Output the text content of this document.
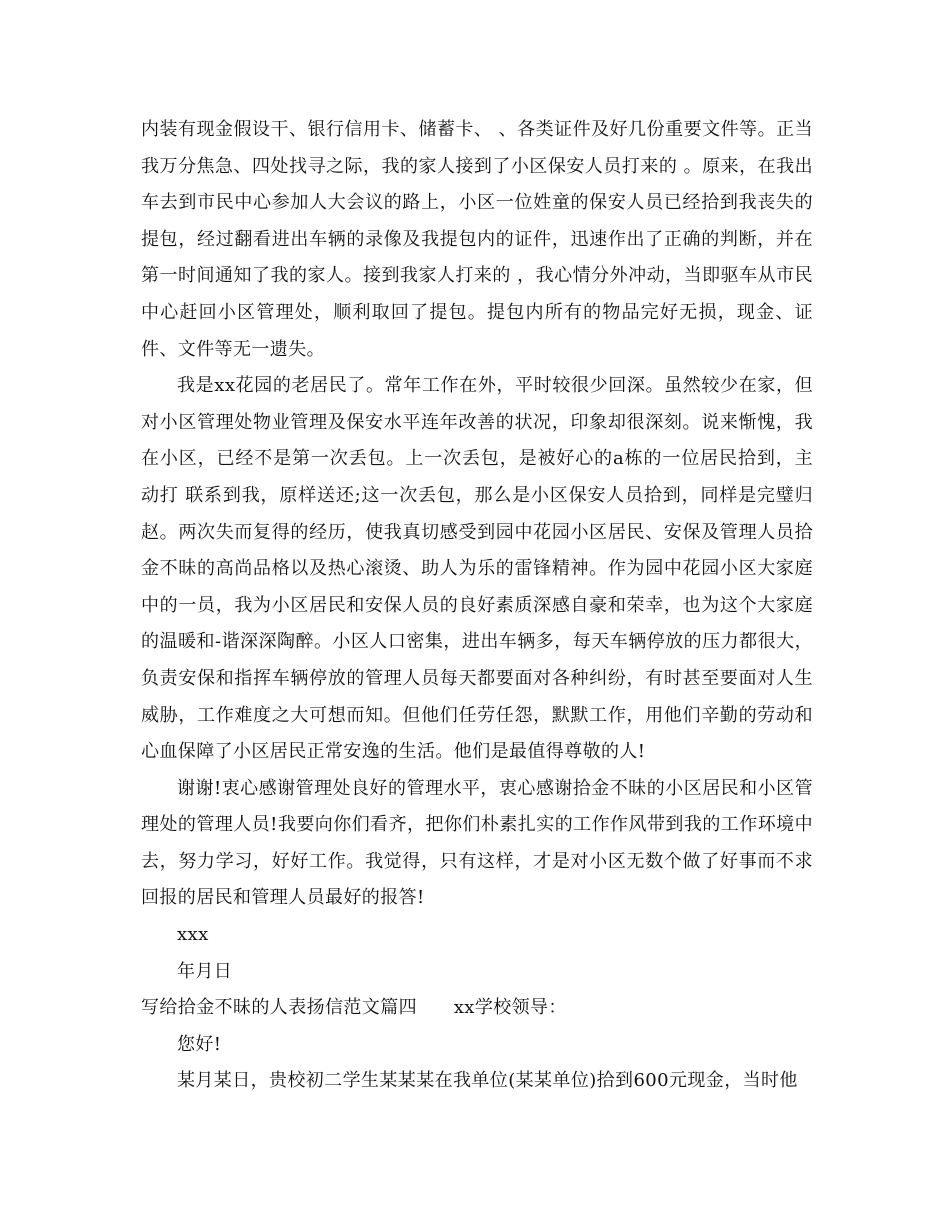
内装有现金假设干、银行信用卡、储蓄卡、 、各类证件及好几份重要文件等。正当我万分焦急、四处找寻之际，我的家人接到了小区保安人员打来的 。原来，在我出车去到市民中心参加人大会议的路上，小区一位姓童的保安人员已经拾到我丧失的提包，经过翻看进出车辆的录像及我提包内的证件，迅速作出了正确的判断，并在第一时间通知了我的家人。接到我家人打来的 ，我心情分外冲动，当即驱车从市民中心赶回小区管理处，顺利取回了提包。提包内所有的物品完好无损，现金、证件、文件等无一遗失。

我是xx花园的老居民了。常年工作在外，平时较很少回深。虽然较少在家，但对小区管理处物业管理及保安水平连年改善的状况，印象却很深刻。说来惭愧，我在小区，已经不是第一次丢包。上一次丢包，是被好心的a栋的一位居民拾到，主动打 联系到我，原样送还;这一次丢包，那么是小区保安人员拾到，同样是完璧归赵。两次失而复得的经历，使我真切感受到园中花园小区居民、安保及管理人员拾金不昧的高尚品格以及热心滚烫、助人为乐的雷锋精神。作为园中花园小区大家庭中的一员，我为小区居民和安保人员的良好素质深感自豪和荣幸，也为这个大家庭的温暖和-谐深深陶醉。小区人口密集，进出车辆多，每天车辆停放的压力都很大，负责安保和指挥车辆停放的管理人员每天都要面对各种纠纷，有时甚至要面对人生威胁，工作难度之大可想而知。但他们任劳任怨，默默工作，用他们辛勤的劳动和心血保障了小区居民正常安逸的生活。他们是最值得尊敬的人!

谢谢!衷心感谢管理处良好的管理水平，衷心感谢拾金不昧的小区居民和小区管理处的管理人员!我要向你们看齐，把你们朴素扎实的工作作风带到我的工作环境中去，努力学习，好好工作。我觉得，只有这样，才是对小区无数个做了好事而不求回报的居民和管理人员最好的报答!

xxx

年月日

写给拾金不昧的人表扬信范文篇四      xx学校领导：

您好!

某月某日，贵校初二学生某某某在我单位(某某单位)拾到600元现金，当时他
